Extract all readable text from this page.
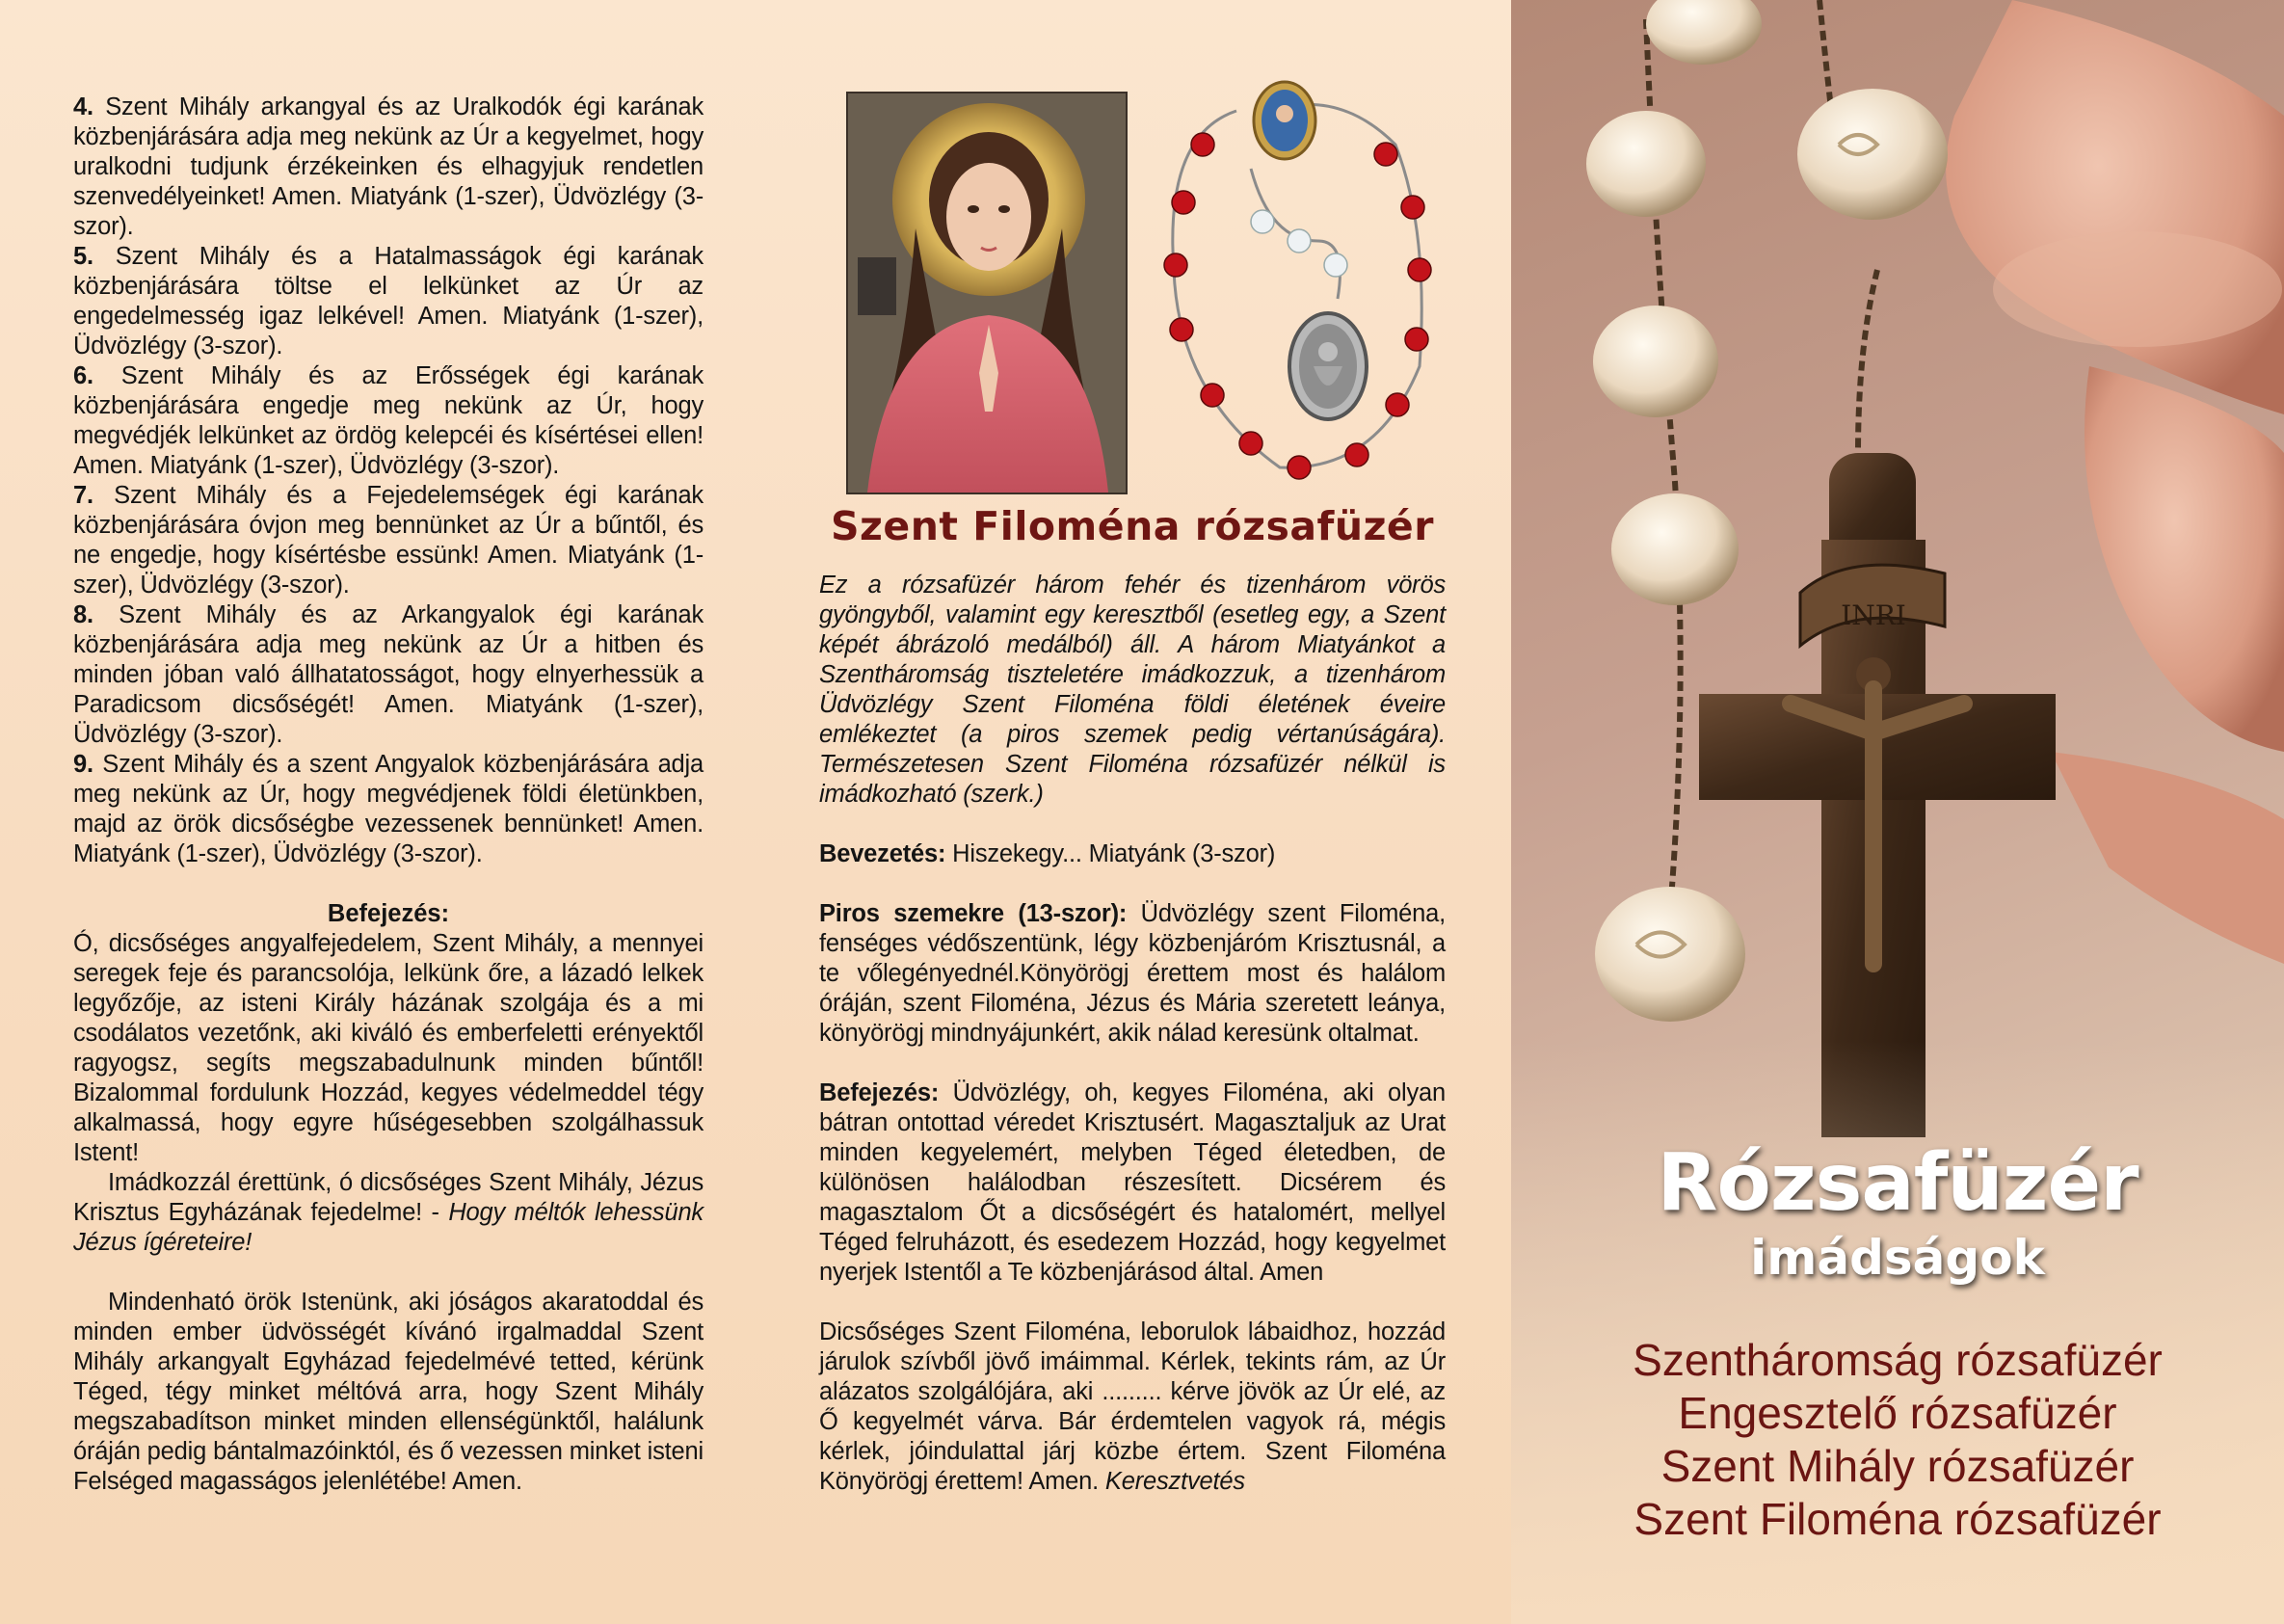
4. Szent Mihály arkangyal és az Uralkodók égi karának közbenjárására adja meg nekünk az Úr a kegyelmet, hogy uralkodni tudjunk érzékeinken és elhagyjuk rendetlen szenvedélyeinket! Amen. Miatyánk (1-szer), Üdvözlégy (3-szor).

5. Szent Mihály és a Hatalmasságok égi karának közbenjárására töltse el lelkünket az Úr az engedelmesség igaz lelkével! Amen. Miatyánk (1-szer), Üdvözlégy (3-szor).

6. Szent Mihály és az Erősségek égi karának közbenjárására engedje meg nekünk az Úr, hogy megvédjék lelkünket az ördög kelepcéi és kísértései ellen! Amen. Miatyánk (1-szer), Üdvözlégy (3-szor).

7. Szent Mihály és a Fejedelemségek égi karának közbenjárására óvjon meg bennünket az Úr a bűntől, és ne engedje, hogy kísértésbe essünk! Amen. Miatyánk (1-szer), Üdvözlégy (3-szor).

8. Szent Mihály és az Arkangyalok égi karának közbenjárására adja meg nekünk az Úr a hitben és minden jóban való állhatatosságot, hogy elnyerhessük a Paradicsom dicsőségét! Amen. Miatyánk (1-szer), Üdvözlégy (3-szor).

9. Szent Mihály és a szent Angyalok közbenjárására adja meg nekünk az Úr, hogy megvédjenek földi életünkben, majd az örök dicsőségbe vezessenek bennünket! Amen. Miatyánk (1-szer), Üdvözlégy (3-szor).

Befejezés:

Ó, dicsőséges angyalfejedelem, Szent Mihály, a mennyei seregek feje és parancsolója, lelkünk őre, a lázadó lelkek legyőzője, az isteni Király házának szolgája és a mi csodálatos vezetőnk, aki kiváló és emberfeletti erényektől ragyogsz, segíts megszabadulnunk minden bűntől! Bizalommal fordulunk Hozzád, kegyes védelmeddel tégy alkalmassá, hogy egyre hűségesebben szolgálhassuk Istent!

Imádkozzál érettünk, ó dicsőséges Szent Mihály, Jézus Krisztus Egyházának fejedelme! - Hogy méltók lehessünk Jézus ígéreteire!

Mindenható örök Istenünk, aki jóságos akaratoddal és minden ember üdvösségét kívánó irgalmaddal Szent Mihály arkangyalt Egyházad fejedelmévé tetted, kérünk Téged, tégy minket méltóvá arra, hogy Szent Mihály megszabadítson minket minden ellenségünktől, halálunk óráján pedig bántalmazóinktól, és ő vezessen minket isteni Felséged magasságos jelenlétébe! Amen.

Szent Filoména rózsafüzér

Ez a rózsafüzér három fehér és tizenhárom vörös gyöngyből, valamint egy keresztből (esetleg egy, a Szent képét ábrázoló medálból) áll. A három Miatyánkot a Szentháromság tiszteletére imádkozzuk, a tizenhárom Üdvözlégy Szent Filoména földi életének éveire emlékeztet (a piros szemek pedig vértanúságára). Természetesen Szent Filoména rózsafüzér nélkül is imádkozható (szerk.)

Bevezetés: Hiszekegy... Miatyánk (3-szor)

Piros szemekre (13-szor): Üdvözlégy szent Filoména, fenséges védőszentünk, légy közbenjáróm Krisztusnál, a te vőlegényednél.Könyörögj érettem most és halálom óráján, szent Filoména, Jézus és Mária szeretett leánya, könyörögj mindnyájunkért, akik nálad keresünk oltalmat.

Befejezés: Üdvözlégy, oh, kegyes Filoména, aki olyan bátran ontottad véredet Krisztusért. Magasztaljuk az Urat minden kegyelemért, melyben Téged életedben, de különösen halálodban részesített. Dicsérem és magasztalom Őt a dicsőségért és hatalomért, mellyel Téged felruházott, és esedezem Hozzád, hogy kegyelmet nyerjek Istentől a Te közbenjárásod által. Amen

Dicsőséges Szent Filoména, leborulok lábaidhoz, hozzád járulok szívből jövő imáimmal. Kérlek, tekints rám, az Úr alázatos szolgálójára, aki ......... kérve jövök az Úr elé, az Ő kegyelmét várva. Bár érdemtelen vagyok rá, mégis kérlek, jóindulattal járj közbe értem. Szent Filoména Könyörögj érettem! Amen. Keresztvetés

INRI
Rózsafüzér
imádságok
Szentháromság rózsafüzér
Engesztelő rózsafüzér
Szent Mihály rózsafüzér
Szent Filoména rózsafüzér
